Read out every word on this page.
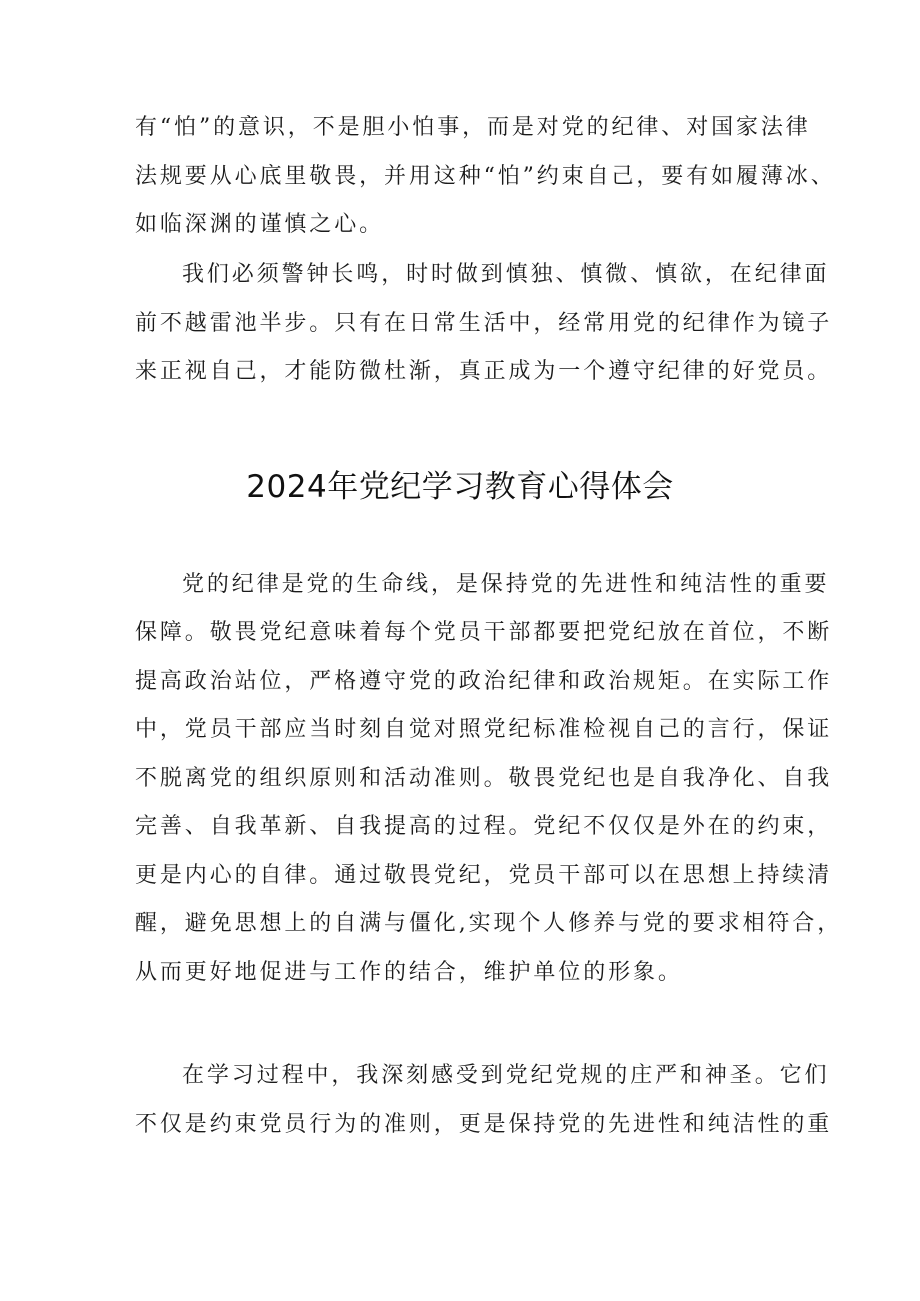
有“怕”的意识，不是胆小怕事，而是对党的纪律、对国家法律
法规要从心底里敬畏，并用这种“怕”约束自己，要有如履薄冰、
如临深渊的谨慎之心。
我们必须警钟长鸣，时时做到慎独、慎微、慎欲，在纪律面
前不越雷池半步。只有在日常生活中，经常用党的纪律作为镜子
来正视自己，才能防微杜渐，真正成为一个遵守纪律的好党员。
2024年党纪学习教育心得体会
党的纪律是党的生命线，是保持党的先进性和纯洁性的重要
保障。敬畏党纪意味着每个党员干部都要把党纪放在首位，不断
提高政治站位，严格遵守党的政治纪律和政治规矩。在实际工作
中，党员干部应当时刻自觉对照党纪标准检视自己的言行，保证
不脱离党的组织原则和活动准则。敬畏党纪也是自我净化、自我
完善、自我革新、自我提高的过程。党纪不仅仅是外在的约束，
更是内心的自律。通过敬畏党纪，党员干部可以在思想上持续清
醒，避免思想上的自满与僵化,实现个人修养与党的要求相符合，
从而更好地促进与工作的结合，维护单位的形象。
在学习过程中，我深刻感受到党纪党规的庄严和神圣。它们
不仅是约束党员行为的准则，更是保持党的先进性和纯洁性的重
